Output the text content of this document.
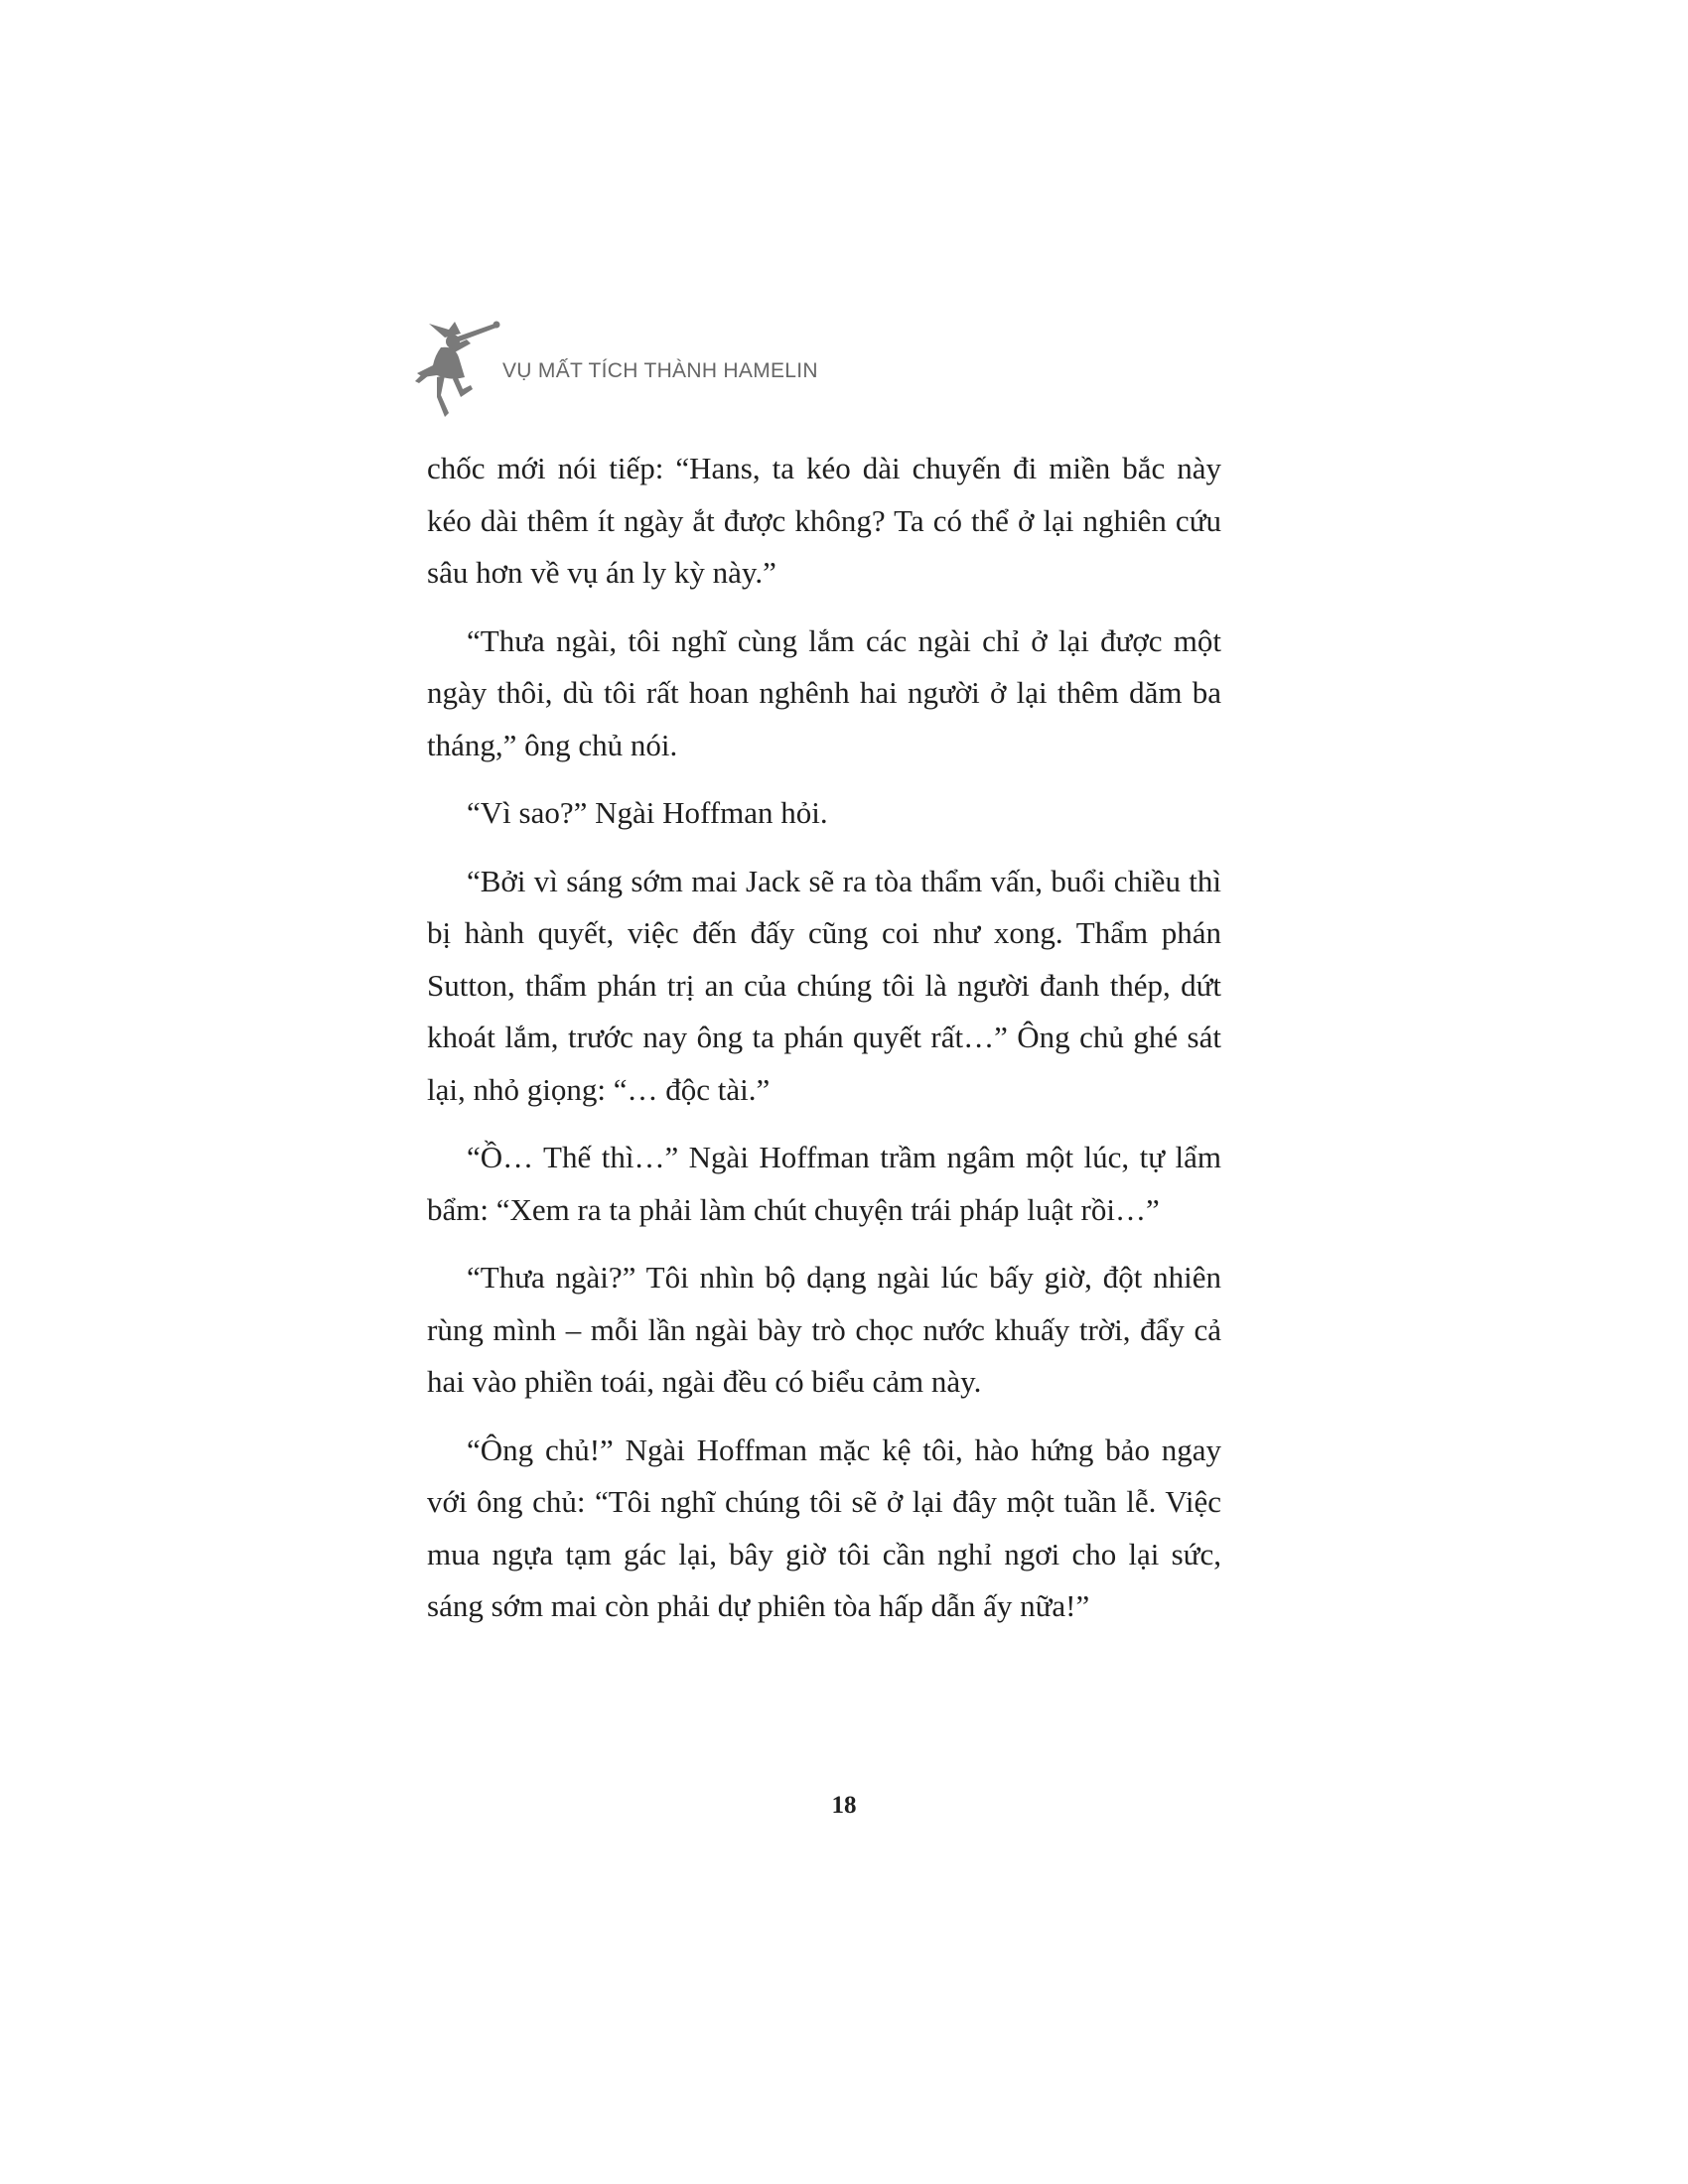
VỤ MẤT TÍCH THÀNH HAMELIN

chốc mới nói tiếp: “Hans, ta kéo dài chuyến đi miền bắc này kéo dài thêm ít ngày ắt được không? Ta có thể ở lại nghiên cứu sâu hơn về vụ án ly kỳ này.”

“Thưa ngài, tôi nghĩ cùng lắm các ngài chỉ ở lại được một ngày thôi, dù tôi rất hoan nghênh hai người ở lại thêm dăm ba tháng,” ông chủ nói.

“Vì sao?” Ngài Hoffman hỏi.

“Bởi vì sáng sớm mai Jack sẽ ra tòa thẩm vấn, buổi chiều thì bị hành quyết, việc đến đấy cũng coi như xong. Thẩm phán Sutton, thẩm phán trị an của chúng tôi là người đanh thép, dứt khoát lắm, trước nay ông ta phán quyết rất…” Ông chủ ghé sát lại, nhỏ giọng: “… độc tài.”

“Ồ… Thế thì…” Ngài Hoffman trầm ngâm một lúc, tự lẩm bẩm: “Xem ra ta phải làm chút chuyện trái pháp luật rồi…”

“Thưa ngài?” Tôi nhìn bộ dạng ngài lúc bấy giờ, đột nhiên rùng mình – mỗi lần ngài bày trò chọc nước khuấy trời, đẩy cả hai vào phiền toái, ngài đều có biểu cảm này.

“Ông chủ!” Ngài Hoffman mặc kệ tôi, hào hứng bảo ngay với ông chủ: “Tôi nghĩ chúng tôi sẽ ở lại đây một tuần lễ. Việc mua ngựa tạm gác lại, bây giờ tôi cần nghỉ ngơi cho lại sức, sáng sớm mai còn phải dự phiên tòa hấp dẫn ấy nữa!”

18
